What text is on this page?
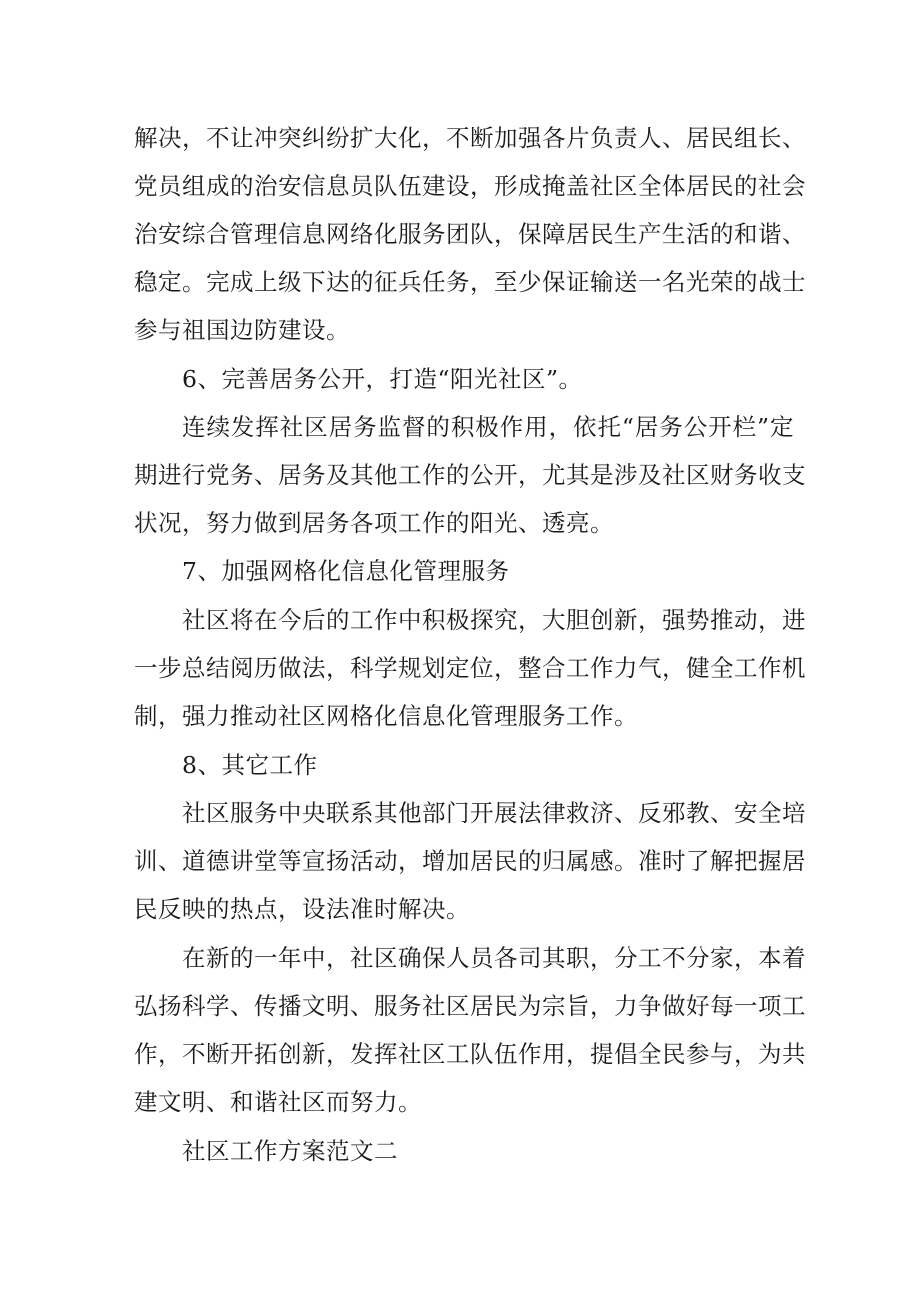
解决，不让冲突纠纷扩大化，不断加强各片负责人、居民组长、
党员组成的治安信息员队伍建设，形成掩盖社区全体居民的社会
治安综合管理信息网络化服务团队，保障居民生产生活的和谐、
稳定。完成上级下达的征兵任务，至少保证输送一名光荣的战士
参与祖国边防建设。
6、完善居务公开，打造“阳光社区”。
连续发挥社区居务监督的积极作用，依托“居务公开栏”定
期进行党务、居务及其他工作的公开，尤其是涉及社区财务收支
状况，努力做到居务各项工作的阳光、透亮。
7、加强网格化信息化管理服务
社区将在今后的工作中积极探究，大胆创新，强势推动，进
一步总结阅历做法，科学规划定位，整合工作力气，健全工作机
制，强力推动社区网格化信息化管理服务工作。
8、其它工作
社区服务中央联系其他部门开展法律救济、反邪教、安全培
训、道德讲堂等宣扬活动，增加居民的归属感。准时了解把握居
民反映的热点，设法准时解决。
在新的一年中，社区确保人员各司其职，分工不分家，本着
弘扬科学、传播文明、服务社区居民为宗旨，力争做好每一项工
作，不断开拓创新，发挥社区工队伍作用，提倡全民参与，为共
建文明、和谐社区而努力。
社区工作方案范文二
